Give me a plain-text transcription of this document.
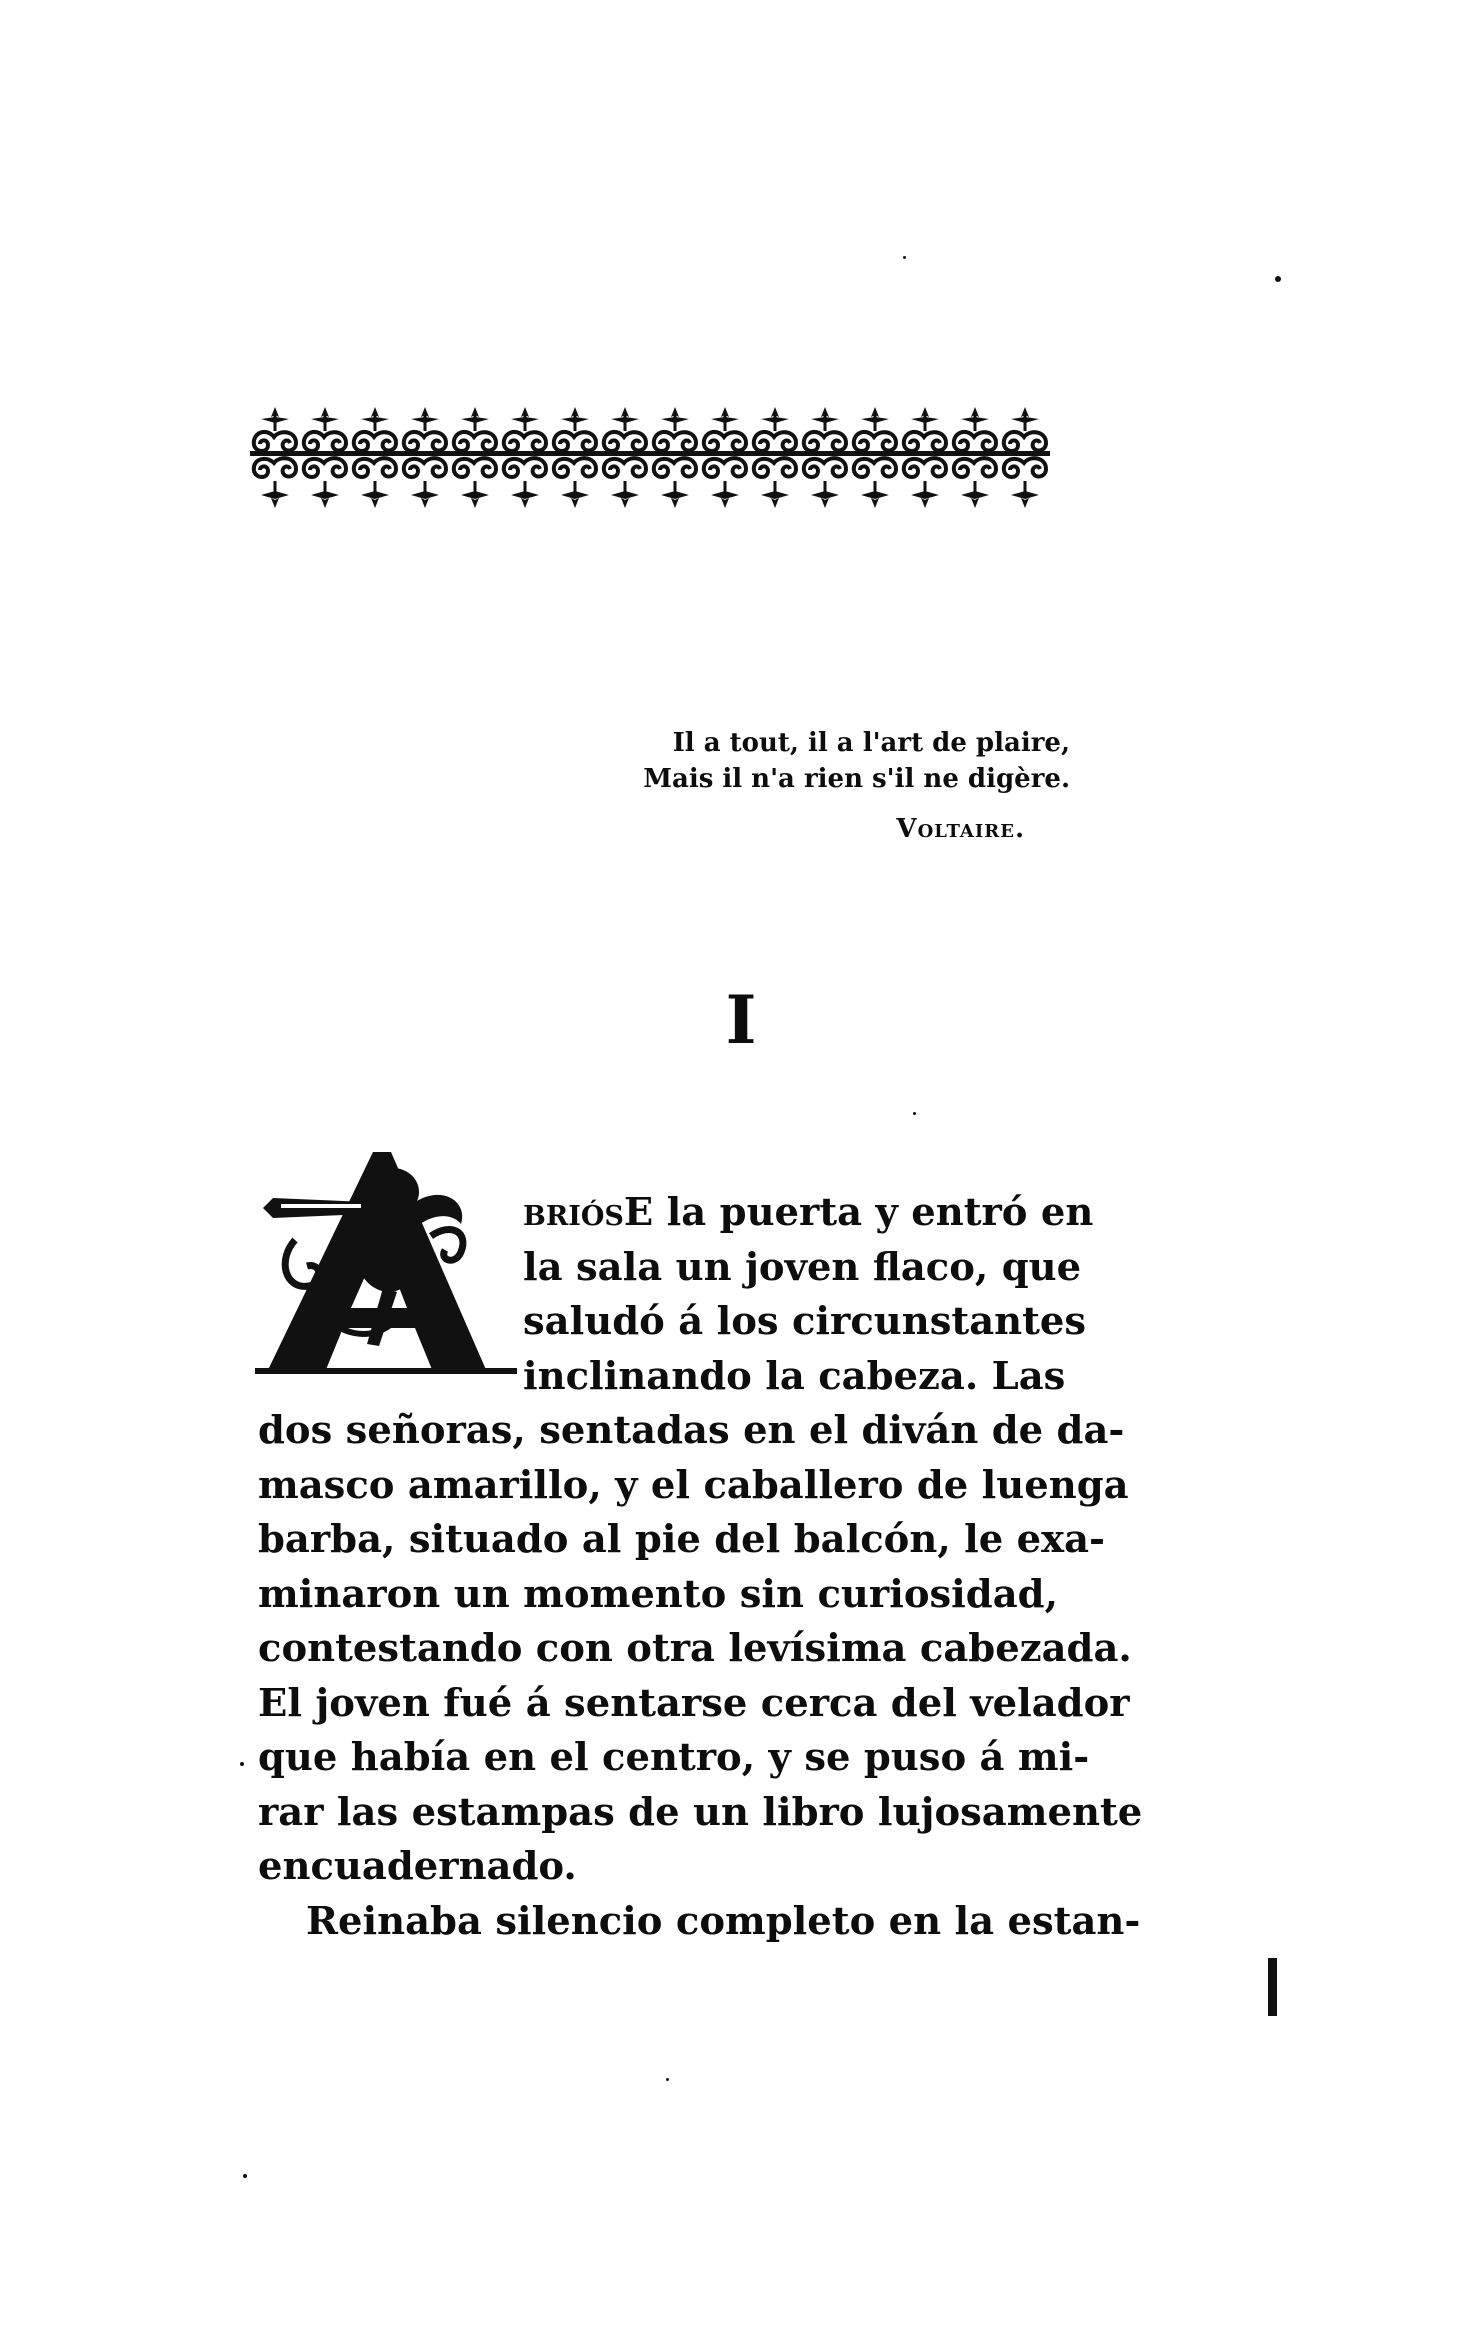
Il a tout, il a l'art de plaire,
Mais il n'a rien s'il ne digère.
Voltaire.
I
briósE la puerta y entró en
la sala un joven flaco, que
saludó á los circunstantes
inclinando la cabeza. Las
dos señoras, sentadas en el diván de da-
masco amarillo, y el caballero de luenga
barba, situado al pie del balcón, le exa-
minaron un momento sin curiosidad,
contestando con otra levísima cabezada.
El joven fué á sentarse cerca del velador
que había en el centro, y se puso á mi-
rar las estampas de un libro lujosamente
encuadernado.
Reinaba silencio completo en la estan-
